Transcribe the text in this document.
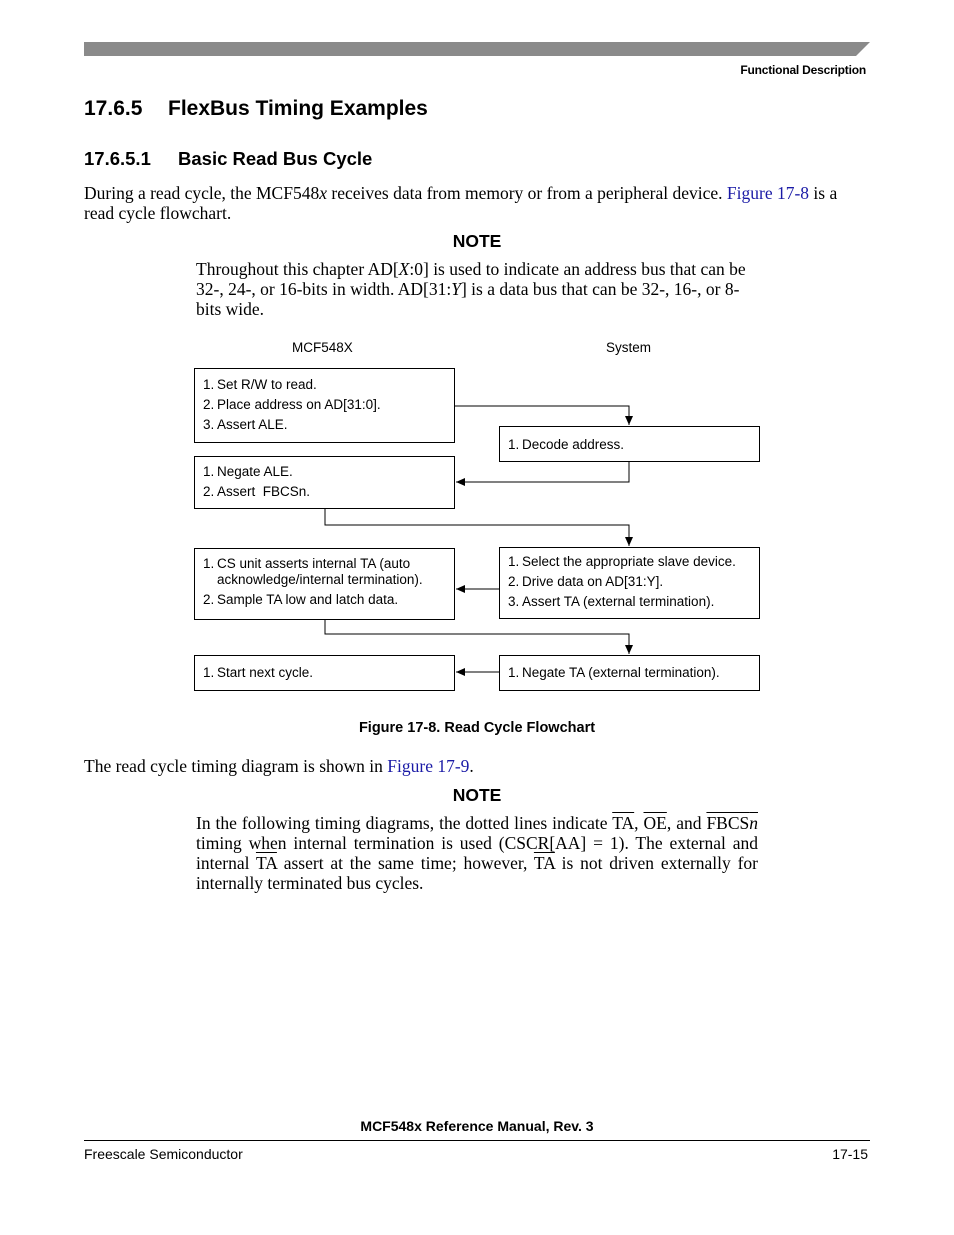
Functional Description
17.6.5 FlexBus Timing Examples
17.6.5.1 Basic Read Bus Cycle
During a read cycle, the MCF548x receives data from memory or from a peripheral device. Figure 17-8 is a read cycle flowchart.
NOTE
Throughout this chapter AD[X:0] is used to indicate an address bus that can be 32-, 24-, or 16-bits in width. AD[31:Y] is a data bus that can be 32-, 16-, or 8-bits wide.
MCF548X	System
1. Set R/W to read.
2. Place address on AD[31:0].
3. Assert ALE.
1. Decode address.
1. Negate ALE.
2. Assert  FBCSn.
1. CS unit asserts internal TA (auto acknowledge/internal termination).
2. Sample TA low and latch data.
1. Select the appropriate slave device.
2. Drive data on AD[31:Y].
3. Assert TA (external termination).
1. Start next cycle.	1. Negate TA (external termination).
Figure 17-8. Read Cycle Flowchart
The read cycle timing diagram is shown in Figure 17-9.
NOTE
In the following timing diagrams, the dotted lines indicate $\overline{TA}$, $\overline{OE}$, and FBCSn timing when internal termination is used (CSCR[AA] = 1). The external and internal $\overline{TA}$ assert at the same time; however, $\overline{TA}$ is not driven externally for internally terminated bus cycles.
MCF548x Reference Manual, Rev. 3
Freescale Semiconductor	17-15
